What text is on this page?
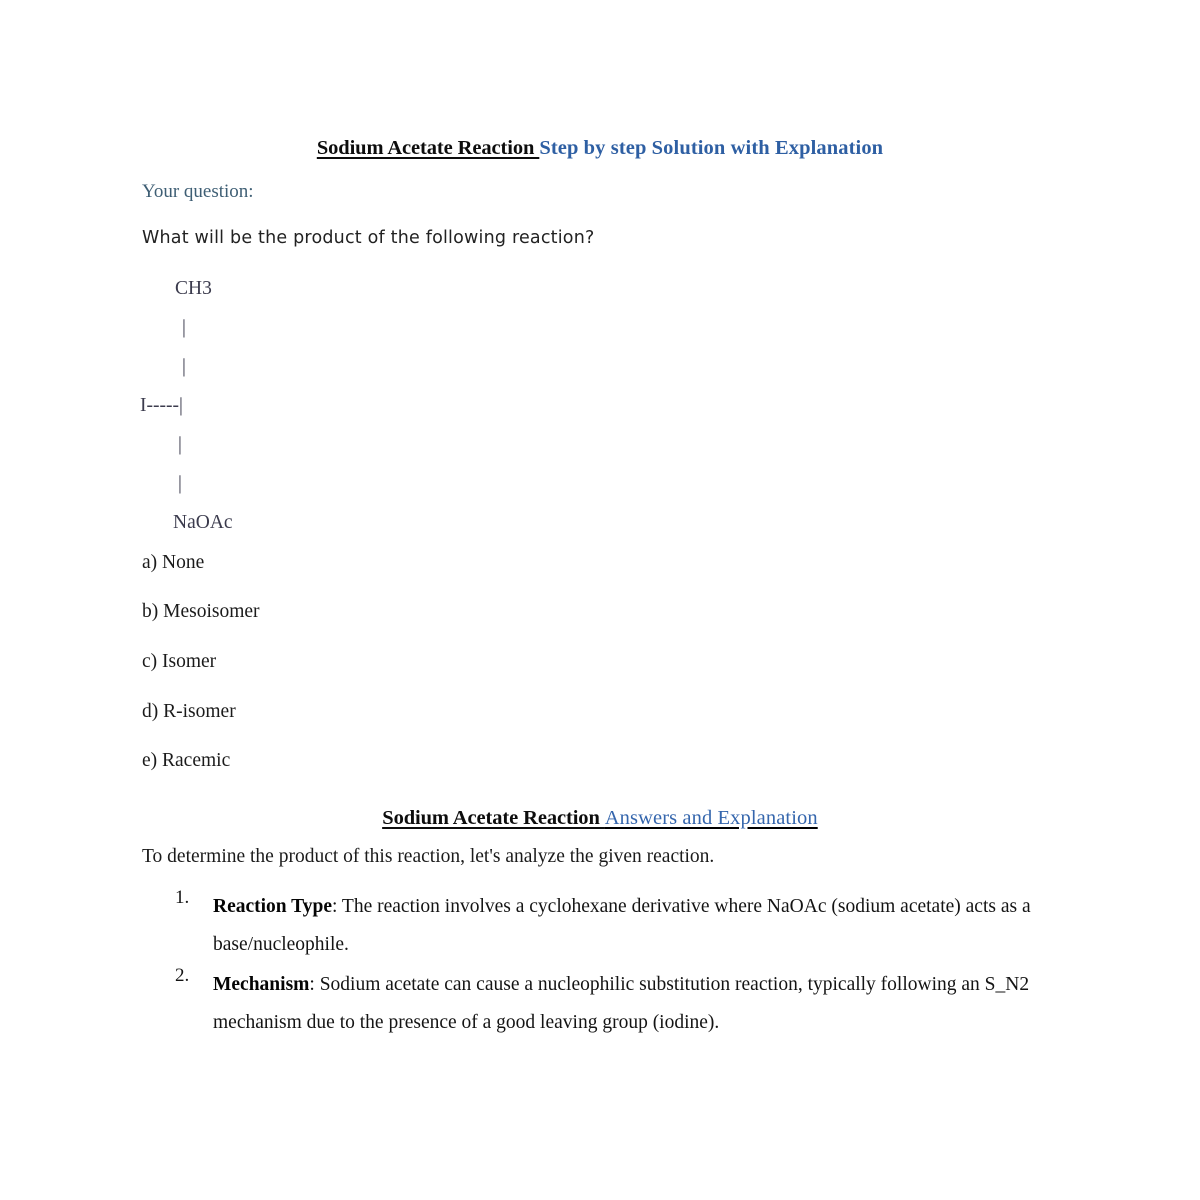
Sodium Acetate Reaction Step by step Solution with Explanation
Your question:
What will be the product of the following reaction?
CH3
|
|
I-----|
|
|
NaOAc
a) None
b) Mesoisomer
c) Isomer
d) R-isomer
e) Racemic
Sodium Acetate Reaction Answers and Explanation
To determine the product of this reaction, let's analyze the given reaction.
1.	Reaction Type: The reaction involves a cyclohexane derivative where NaOAc (sodium acetate) acts as a base/nucleophile.
2.	Mechanism: Sodium acetate can cause a nucleophilic substitution reaction, typically following an S_N2 mechanism due to the presence of a good leaving group (iodine).
